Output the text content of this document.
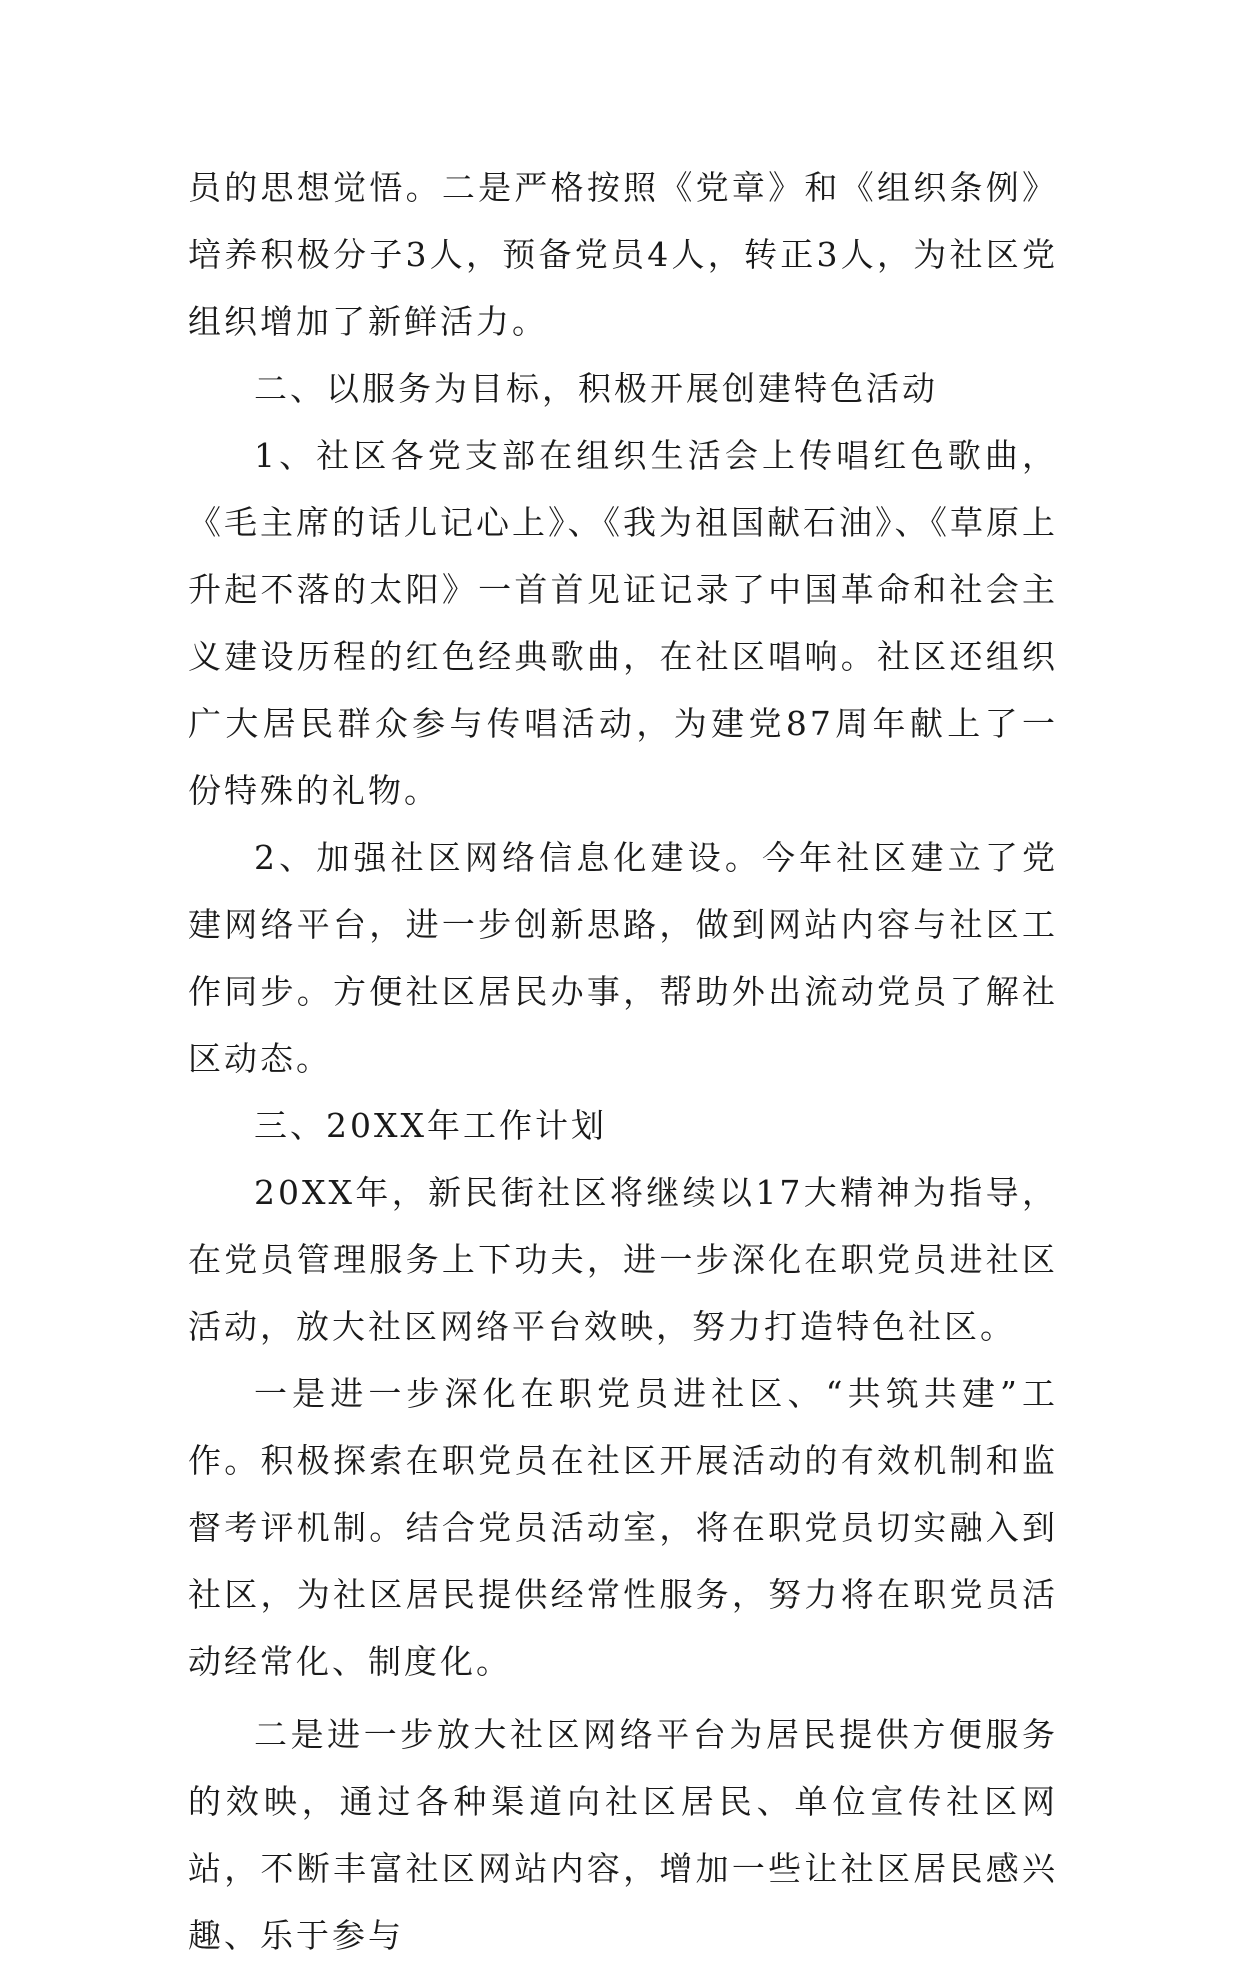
员的思想觉悟。二是严格按照《党章》和《组织条例》培养积极分子3人，预备党员4人，转正3人，为社区党组织增加了新鲜活力。

二、以服务为目标，积极开展创建特色活动

1、社区各党支部在组织生活会上传唱红色歌曲，《毛主席的话儿记心上》、《我为祖国献石油》、《草原上升起不落的太阳》一首首见证记录了中国革命和社会主义建设历程的红色经典歌曲，在社区唱响。社区还组织广大居民群众参与传唱活动，为建党87周年献上了一份特殊的礼物。

2、加强社区网络信息化建设。今年社区建立了党建网络平台，进一步创新思路，做到网站内容与社区工作同步。方便社区居民办事，帮助外出流动党员了解社区动态。

三、20XX年工作计划

20XX年，新民街社区将继续以17大精神为指导，在党员管理服务上下功夫，进一步深化在职党员进社区活动，放大社区网络平台效映，努力打造特色社区。

一是进一步深化在职党员进社区、“共筑共建”工作。积极探索在职党员在社区开展活动的有效机制和监督考评机制。结合党员活动室，将在职党员切实融入到社区，为社区居民提供经常性服务，努力将在职党员活动经常化、制度化。

二是进一步放大社区网络平台为居民提供方便服务的效映，通过各种渠道向社区居民、单位宣传社区网站，不断丰富社区网站内容，增加一些让社区居民感兴趣、乐于参与
